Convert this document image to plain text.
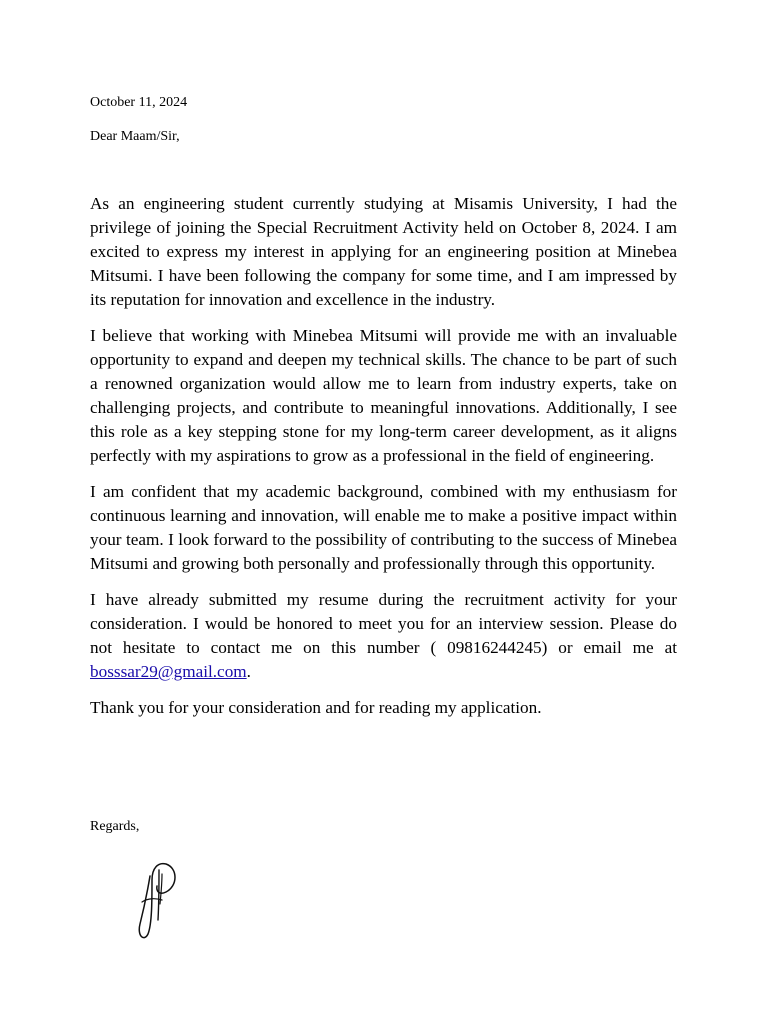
October 11, 2024
Dear Maam/Sir,

As an engineering student currently studying at Misamis University, I had the privilege of joining the Special Recruitment Activity held on October 8, 2024. I am excited to express my interest in applying for an engineering position at Minebea Mitsumi. I have been following the company for some time, and I am impressed by its reputation for innovation and excellence in the industry.

I believe that working with Minebea Mitsumi will provide me with an invaluable opportunity to expand and deepen my technical skills. The chance to be part of such a renowned organization would allow me to learn from industry experts, take on challenging projects, and contribute to meaningful innovations. Additionally, I see this role as a key stepping stone for my long-term career development, as it aligns perfectly with my aspirations to grow as a professional in the field of engineering.

I am confident that my academic background, combined with my enthusiasm for continuous learning and innovation, will enable me to make a positive impact within your team. I look forward to the possibility of contributing to the success of Minebea Mitsumi and growing both personally and professionally through this opportunity.

I have already submitted my resume during the recruitment activity for your consideration. I would be honored to meet you for an interview session. Please do not hesitate to contact me on this number ( 09816244245) or email me at bosssar29@gmail.com.

Thank you for your consideration and for reading my application.

Regards,
